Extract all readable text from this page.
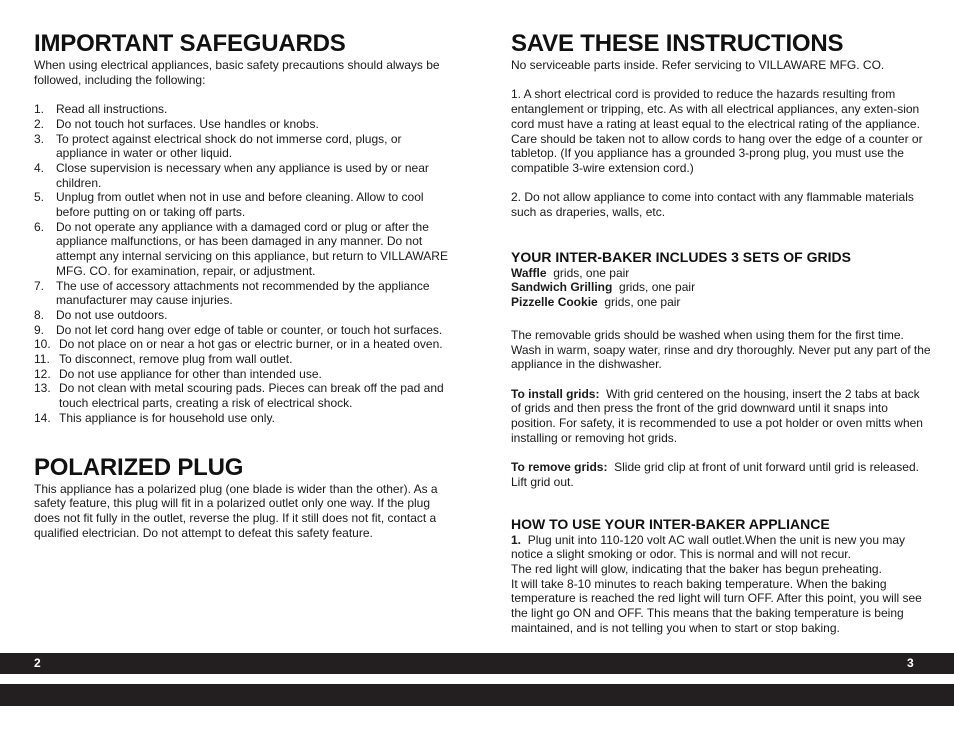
IMPORTANT SAFEGUARDS

When using electrical appliances, basic safety precautions should always be followed, including the following:

1. Read all instructions.
2. Do not touch hot surfaces. Use handles or knobs.
3. To protect against electrical shock do not immerse cord, plugs, or appliance in water or other liquid.
4. Close supervision is necessary when any appliance is used by or near children.
5. Unplug from outlet when not in use and before cleaning. Allow to cool before putting on or taking off parts.
6. Do not operate any appliance with a damaged cord or plug or after the appliance malfunctions, or has been damaged in any manner. Do not attempt any internal servicing on this appliance, but return to VILLAWARE MFG. CO. for examination, repair, or adjustment.
7. The use of accessory attachments not recommended by the appliance manufacturer may cause injuries.
8. Do not use outdoors.
9. Do not let cord hang over edge of table or counter, or touch hot surfaces.
10. Do not place on or near a hot gas or electric burner, or in a heated oven.
11. To disconnect, remove plug from wall outlet.
12. Do not use appliance for other than intended use.
13. Do not clean with metal scouring pads. Pieces can break off the pad and touch electrical parts, creating a risk of electrical shock.
14. This appliance is for household use only.
POLARIZED PLUG

This appliance has a polarized plug (one blade is wider than the other). As a safety feature, this plug will fit in a polarized outlet only one way. If the plug does not fit fully in the outlet, reverse the plug. If it still does not fit, contact a qualified electrician. Do not attempt to defeat this safety feature.

SAVE THESE INSTRUCTIONS

No serviceable parts inside. Refer servicing to VILLAWARE MFG. CO.

1. A short electrical cord is provided to reduce the hazards resulting from entanglement or tripping, etc. As with all electrical appliances, any exten-sion cord must have a rating at least equal to the electrical rating of the appliance. Care should be taken not to allow cords to hang over the edge of a counter or tabletop. (If you appliance has a grounded 3-prong plug, you must use the compatible 3-wire extension cord.)

2. Do not allow appliance to come into contact with any flammable materials such as draperies, walls, etc.

YOUR INTER-BAKER INCLUDES 3 SETS OF GRIDS

Waffle grids, one pair

Sandwich Grilling grids, one pair

Pizzelle Cookie grids, one pair

The removable grids should be washed when using them for the first time. Wash in warm, soapy water, rinse and dry thoroughly. Never put any part of the appliance in the dishwasher.

To install grids: With grid centered on the housing, insert the 2 tabs at back of grids and then press the front of the grid downward until it snaps into position. For safety, it is recommended to use a pot holder or oven mitts when installing or removing hot grids.

To remove grids: Slide grid clip at front of unit forward until grid is released. Lift grid out.

HOW TO USE YOUR INTER-BAKER APPLIANCE

1. Plug unit into 110-120 volt AC wall outlet.When the unit is new you may notice a slight smoking or odor. This is normal and will not recur.

The red light will glow, indicating that the baker has begun preheating.

It will take 8-10 minutes to reach baking temperature. When the baking temperature is reached the red light will turn OFF. After this point, you will see the light go ON and OFF. This means that the baking temperature is being maintained, and is not telling you when to start or stop baking.

2	3
